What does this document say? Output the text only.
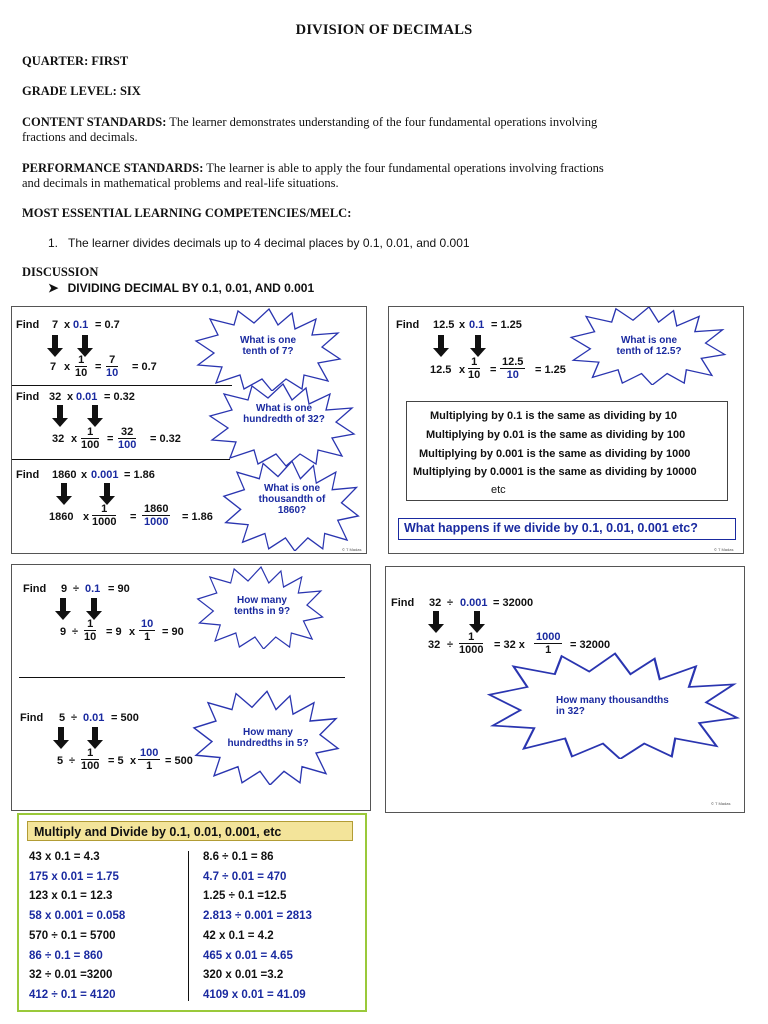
DIVISION OF DECIMALS
QUARTER: FIRST
GRADE LEVEL: SIX
CONTENT STANDARDS: The learner demonstrates understanding of the four fundamental operations involving
fractions and decimals.
PERFORMANCE STANDARDS: The learner is able to apply the four fundamental operations involving fractions
and decimals in mathematical problems and real-life situations.
MOST ESSENTIAL LEARNING COMPETENCIES/MELC:
1. The learner divides decimals up to 4 decimal places by 0.1, 0.01, and 0.001
DISCUSSION
➤ DIVIDING DECIMAL BY 0.1, 0.01, AND 0.001
Find 7 x 0.1 = 0.7
7 x $\frac{1}{10} = \frac{7}{10} = 0.7$
Find 32 x 0.01 = 0.32
32 x $\frac{1}{100} = \frac{32}{100} = 0.32$
Find 1860 x 0.001 = 1.86
1860 x $\frac{1}{1000} = \frac{1860}{1000} = 1.86$
What is one
tenth of 7?
What is one
hundredth of 32?
What is one
thousandth of
1860?
© T Madas
Find 12.5 x 0.1 = 1.25
12.5 x $\frac{1}{10} = \frac{12.5}{10} = 1.25$
What is one
tenth of 12.5?
Multiplying by 0.1 is the same as dividing by 10
Multiplying by 0.01 is the same as dividing by 100
Multiplying by 0.001 is the same as dividing by 1000
Multiplying by 0.0001 is the same as dividing by 10000
etc
What happens if we divide by 0.1, 0.01, 0.001 etc?
© T Madas
Find 9 ÷ 0.1 = 90
$9 \div \frac{1}{10} = 9$ x $\frac{10}{1} = 90$
How many
tenths in 9?
Find 5 ÷ 0.01 = 500
$5 \div \frac{1}{100} = 5$ x $\frac{100}{1} = 500$
How many
hundredths in 5?
Find 32 ÷ 0.001 = 32000
$32 \div \frac{1}{1000} = 32$ x $\frac{1000}{1} = 32000$
How many thousandths
in 32?
© T Madas
Multiply and Divide by 0.1, 0.01, 0.001, etc
43 x 0.1 = 4.3
175 x 0.01 = 1.75
123 x 0.1 = 12.3
58 x 0.001 = 0.058
570 ÷ 0.1 = 5700
86 ÷ 0.1 = 860
32 ÷ 0.01 =3200
412 ÷ 0.1 = 4120
8.6 ÷ 0.1 = 86
4.7 ÷ 0.01 = 470
1.25 ÷ 0.1 =12.5
2.813 ÷ 0.001 = 2813
42 x 0.1 = 4.2
465 x 0.01 = 4.65
320 x 0.01 =3.2
4109 x 0.01 = 41.09
